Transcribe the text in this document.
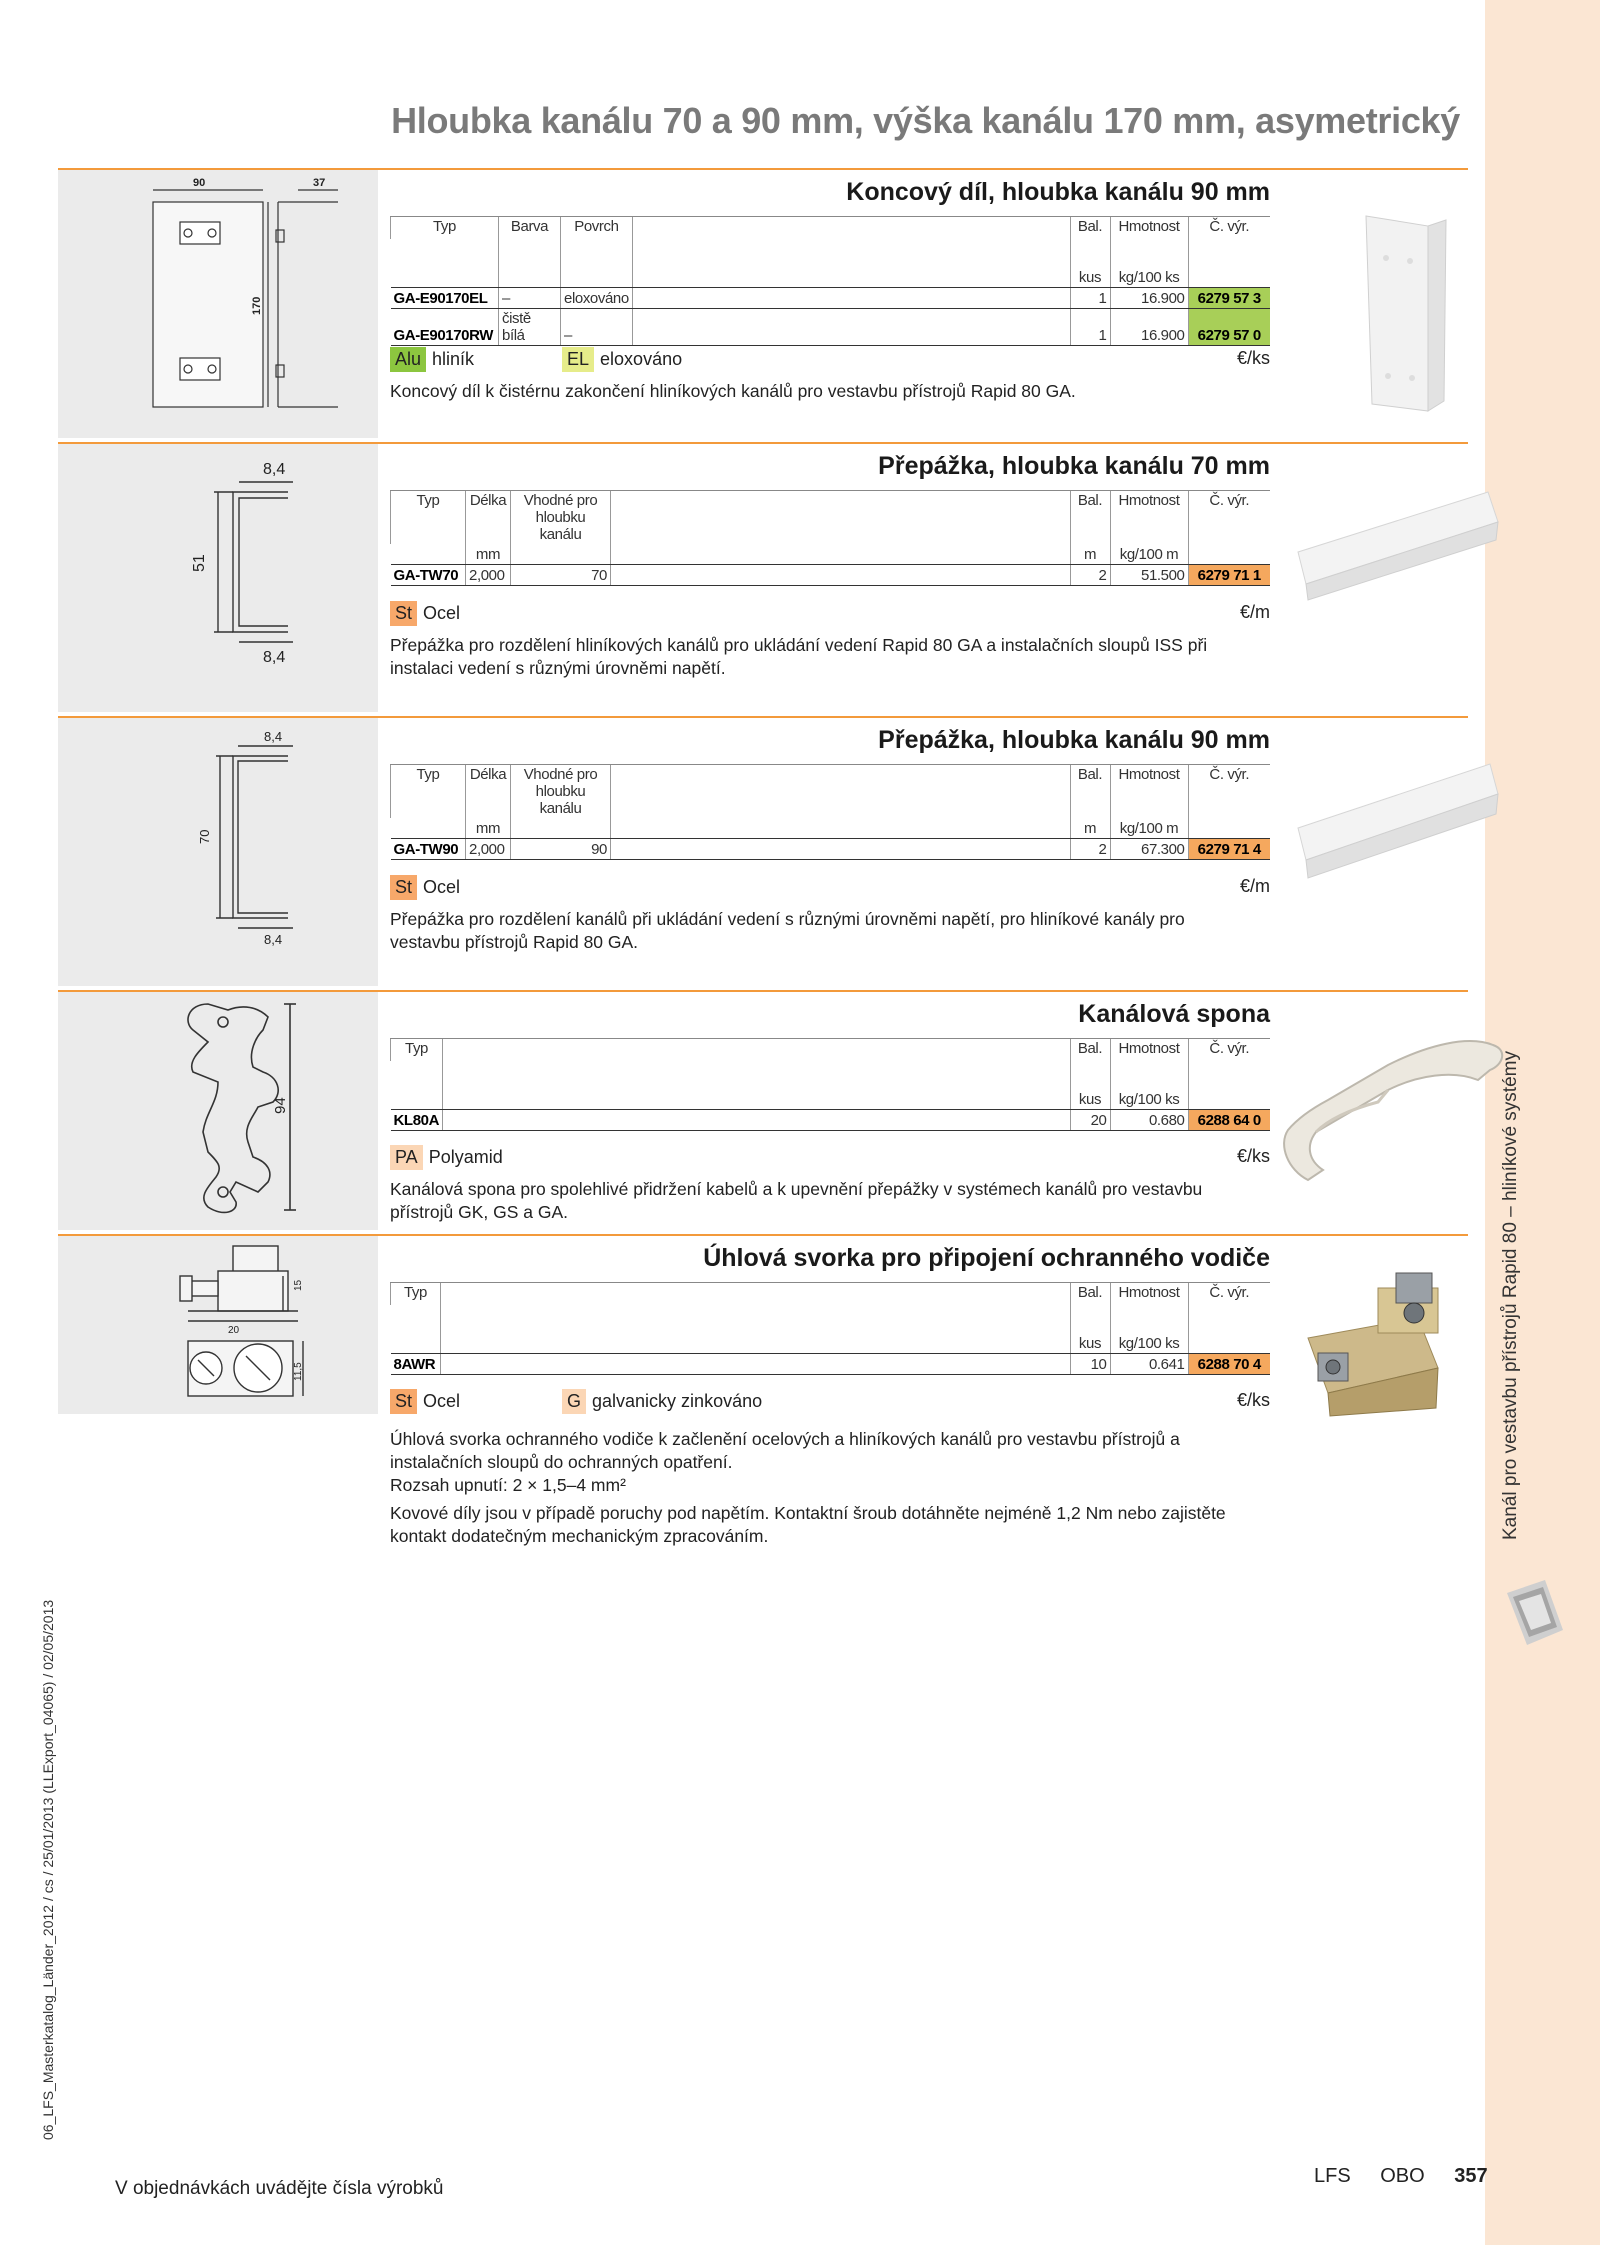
Kanál pro vestavbu přístrojů Rapid 80 – hliníkové systémy
06_LFS_Masterkatalog_Länder_2012 / cs / 25/01/2013 (LLExport_04065) / 02/05/2013
Hloubka kanálu 70 a 90 mm, výška kanálu 170 mm, asymetrický
90	37
170
Koncový díl, hloubka kanálu 90 mm
Typ	Barva	Povrch		Bal.	Hmotnost	Č. výr.
				kus	kg/100 ks	
GA-E90170EL	–	eloxováno		1	16.900	6279 57 3
GA-E90170RW	čistě bílá	–		1	16.900	6279 57 0
Alu hliník	EL eloxováno	€/ks
Koncový díl k čistérnu zakončení hliníkových kanálů pro vestavbu přístrojů Rapid 80 GA.
8,4
51
8,4
Přepážka, hloubka kanálu 70 mm
Typ	Délka	Vhodné pro
hloubku kanálu		Bal.	Hmotnost	Č. výr.
	mm			m	kg/100 m	
GA-TW70	2,000	70		2	51.500	6279 71 1
St Ocel	€/m
Přepážka pro rozdělení hliníkových kanálů pro ukládání vedení Rapid 80 GA a instalačních sloupů ISS při instalaci vedení s různými úrovněmi napětí.
8,4
70
8,4
Přepážka, hloubka kanálu 90 mm
Typ	Délka	Vhodné pro
hloubku kanálu		Bal.	Hmotnost	Č. výr.
	mm			m	kg/100 m	
GA-TW90	2,000	90		2	67.300	6279 71 4
St Ocel	€/m
Přepážka pro rozdělení kanálů při ukládání vedení s různými úrovněmi napětí, pro hliníkové kanály pro vestavbu přístrojů Rapid 80 GA.
94
Kanálová spona
Typ		Bal.	Hmotnost	Č. výr.
		kus	kg/100 ks	
KL80A		20	0.680	6288 64 0
PA Polyamid	€/ks
Kanálová spona pro spolehlivé přidržení kabelů a k upevnění přepážky v systémech kanálů pro vestavbu přístrojů GK, GS a GA.
15
20
11,5
Úhlová svorka pro připojení ochranného vodiče
Typ		Bal.	Hmotnost	Č. výr.
		kus	kg/100 ks	
8AWR		10	0.641	6288 70 4
St Ocel	G galvanicky zinkováno	€/ks
Úhlová svorka ochranného vodiče k začlenění ocelových a hliníkových kanálů pro vestavbu přístrojů a instalačních sloupů do ochranných opatření.
Rozsah upnutí: 2 × 1,5–4 mm²
Kovové díly jsou v případě poruchy pod napětím. Kontaktní šroub dotáhněte nejméně 1,2 Nm nebo zajistěte kontakt dodatečným mechanickým zpracováním.
V objednávkách uvádějte čísla výrobků
LFS OBO 357
